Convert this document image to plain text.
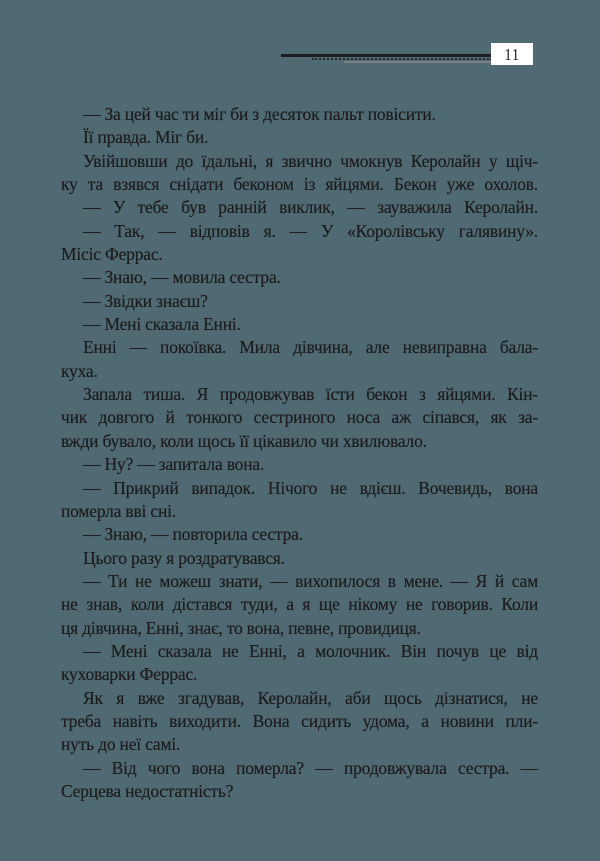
11
— За цей час ти міг би з десяток пальт повісити.
Її правда. Міг би.
Увійшовши до їдальні, я звично чмокнув Керолайн у щіч-
ку та взявся снідати беконом із яйцями. Бекон уже охолов.
— У тебе був ранній виклик, — зауважила Керолайн.
— Так, — відповів я. — У «Королівську галявину».
Місіс Феррас.
— Знаю, — мовила сестра.
— Звідки знаєш?
— Мені сказала Енні.
Енні — покоївка. Мила дівчина, але невиправна бала-
куха.
Запала тиша. Я продовжував їсти бекон з яйцями. Кін-
чик довгого й тонкого сестриного носа аж сіпався, як за-
вжди бувало, коли щось її цікавило чи хвилювало.
— Ну? — запитала вона.
— Прикрий випадок. Нічого не вдієш. Вочевидь, вона
померла вві сні.
— Знаю, — повторила сестра.
Цього разу я роздратувався.
— Ти не можеш знати, — вихопилося в мене. — Я й сам
не знав, коли дістався туди, а я ще нікому не говорив. Коли
ця дівчина, Енні, знає, то вона, певне, провидиця.
— Мені сказала не Енні, а молочник. Він почув це від
куховарки Феррас.
Як я вже згадував, Керолайн, аби щось дізнатися, не
треба навіть виходити. Вона сидить удома, а новини пли-
нуть до неї самі.
— Від чого вона померла? — продовжувала сестра. —
Серцева недостатність?
